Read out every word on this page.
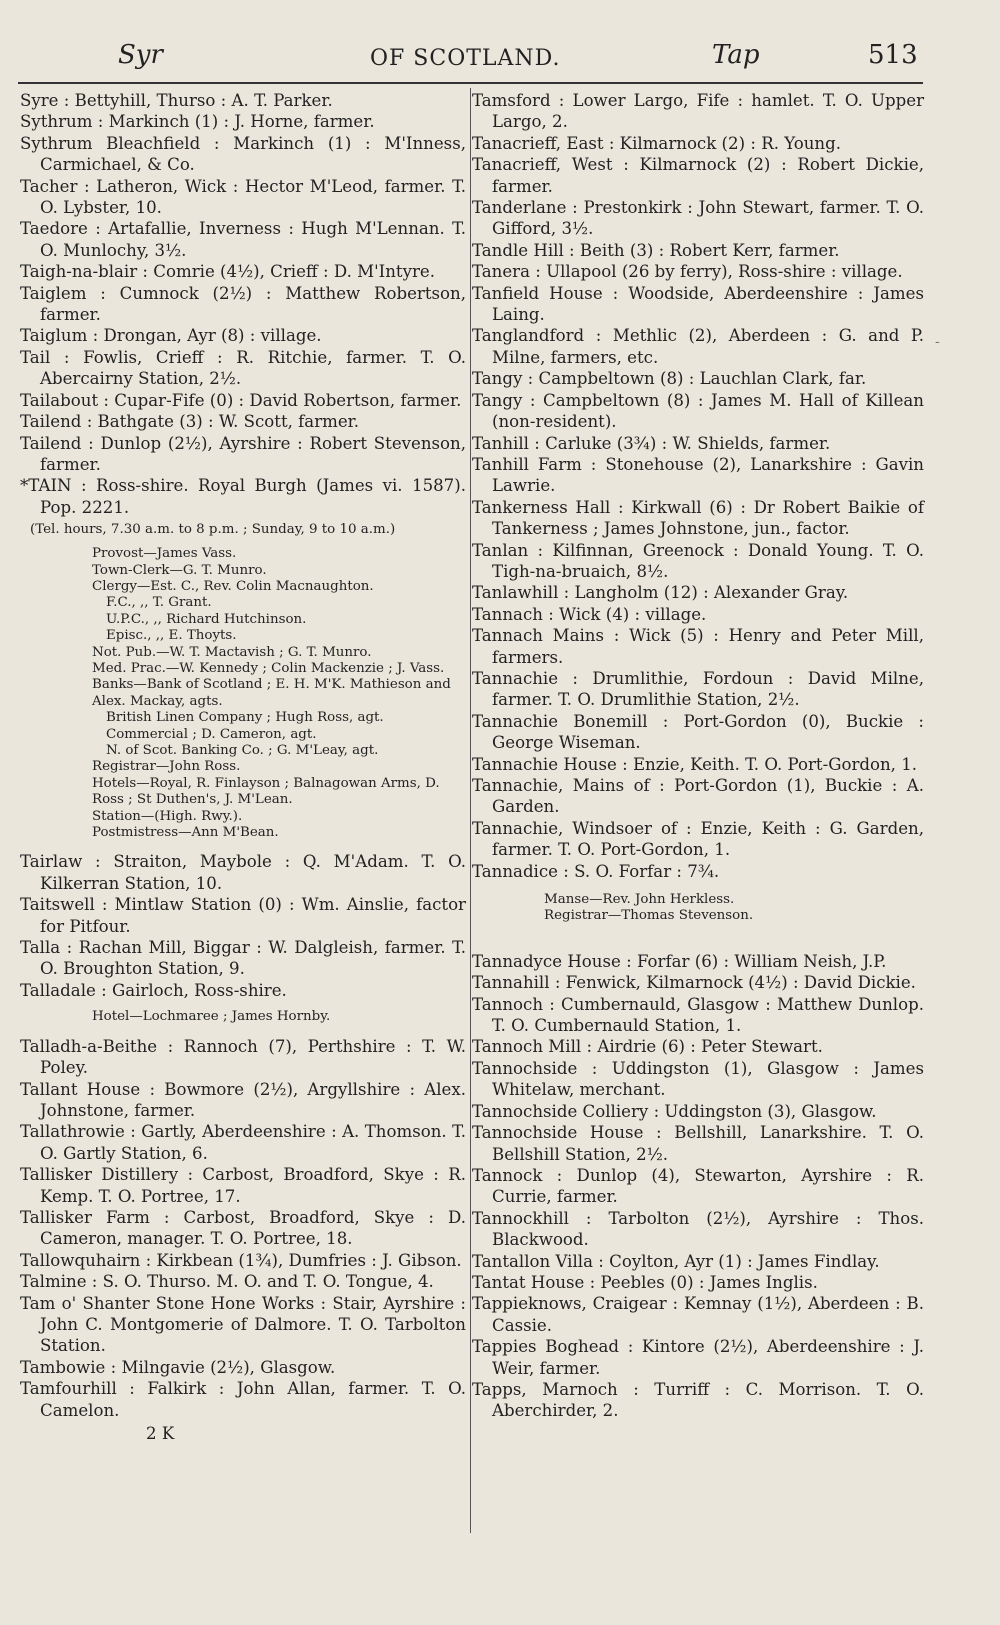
Syr	OF SCOTLAND.	Tap	513
-
Syre : Bettyhill, Thurso : A. T. Parker.
Sythrum : Markinch (1) : J. Horne, farmer.
Sythrum Bleachfield : Markinch (1) : M'Inness, Carmichael, & Co.
Tacher : Latheron, Wick : Hector M'Leod, farmer. T. O. Lybster, 10.
Taedore : Artafallie, Inverness : Hugh M'Lennan. T. O. Munlochy, 3½.
Taigh-na-blair : Comrie (4½), Crieff : D. M'Intyre.
Taiglem : Cumnock (2½) : Matthew Robertson, farmer.
Taiglum : Drongan, Ayr (8) : village.
Tail : Fowlis, Crieff : R. Ritchie, farmer. T. O. Abercairny Station, 2½.
Tailabout : Cupar-Fife (0) : David Robertson, farmer.
Tailend : Bathgate (3) : W. Scott, farmer.
Tailend : Dunlop (2½), Ayrshire : Robert Stevenson, farmer.
*TAIN : Ross-shire. Royal Burgh (James vi. 1587). Pop. 2221.
(Tel. hours, 7.30 a.m. to 8 p.m. ; Sunday, 9 to 10 a.m.)

Provost—James Vass.

Town-Clerk—G. T. Munro.

Clergy—Est. C., Rev. Colin Macnaughton.

F.C., ,, T. Grant.

U.P.C., ,, Richard Hutchinson.

Episc., ,, E. Thoyts.

Not. Pub.—W. T. Mactavish ; G. T. Munro.

Med. Prac.—W. Kennedy ; Colin Mackenzie ; J. Vass.

Banks—Bank of Scotland ; E. H. M'K. Mathieson and Alex. Mackay, agts.

British Linen Company ; Hugh Ross, agt.

Commercial ; D. Cameron, agt.

N. of Scot. Banking Co. ; G. M'Leay, agt.

Registrar—John Ross.

Hotels—Royal, R. Finlayson ; Balnagowan Arms, D. Ross ; St Duthen's, J. M'Lean.

Station—(High. Rwy.).

Postmistress—Ann M'Bean.

Tairlaw : Straiton, Maybole : Q. M'Adam. T. O. Kilkerran Station, 10.
Taitswell : Mintlaw Station (0) : Wm. Ainslie, factor for Pitfour.
Talla : Rachan Mill, Biggar : W. Dalgleish, farmer. T. O. Broughton Station, 9.
Talladale : Gairloch, Ross-shire.

Hotel—Lochmaree ; James Hornby.

Talladh-a-Beithe : Rannoch (7), Perthshire : T. W. Poley.
Tallant House : Bowmore (2½), Argyllshire : Alex. Johnstone, farmer.
Tallathrowie : Gartly, Aberdeenshire : A. Thomson. T. O. Gartly Station, 6.
Tallisker Distillery : Carbost, Broadford, Skye : R. Kemp. T. O. Portree, 17.
Tallisker Farm : Carbost, Broadford, Skye : D. Cameron, manager. T. O. Portree, 18.
Tallowquhairn : Kirkbean (1¾), Dumfries : J. Gibson.
Talmine : S. O. Thurso. M. O. and T. O. Tongue, 4.
Tam o' Shanter Stone Hone Works : Stair, Ayrshire : John C. Montgomerie of Dalmore. T. O. Tarbolton Station.
Tambowie : Milngavie (2½), Glasgow.
Tamfourhill : Falkirk : John Allan, farmer. T. O. Camelon.
2 K
Tamsford : Lower Largo, Fife : hamlet. T. O. Upper Largo, 2.
Tanacrieff, East : Kilmarnock (2) : R. Young.
Tanacrieff, West : Kilmarnock (2) : Robert Dickie, farmer.
Tanderlane : Prestonkirk : John Stewart, farmer. T. O. Gifford, 3½.
Tandle Hill : Beith (3) : Robert Kerr, farmer.
Tanera : Ullapool (26 by ferry), Ross-shire : village.
Tanfield House : Woodside, Aberdeenshire : James Laing.
Tanglandford : Methlic (2), Aberdeen : G. and P. Milne, farmers, etc.
Tangy : Campbeltown (8) : Lauchlan Clark, far.
Tangy : Campbeltown (8) : James M. Hall of Killean (non-resident).
Tanhill : Carluke (3¾) : W. Shields, farmer.
Tanhill Farm : Stonehouse (2), Lanarkshire : Gavin Lawrie.
Tankerness Hall : Kirkwall (6) : Dr Robert Baikie of Tankerness ; James Johnstone, jun., factor.
Tanlan : Kilfinnan, Greenock : Donald Young. T. O. Tigh-na-bruaich, 8½.
Tanlawhill : Langholm (12) : Alexander Gray.
Tannach : Wick (4) : village.
Tannach Mains : Wick (5) : Henry and Peter Mill, farmers.
Tannachie : Drumlithie, Fordoun : David Milne, farmer. T. O. Drumlithie Station, 2½.
Tannachie Bonemill : Port-Gordon (0), Buckie : George Wiseman.
Tannachie House : Enzie, Keith. T. O. Port-Gordon, 1.
Tannachie, Mains of : Port-Gordon (1), Buckie : A. Garden.
Tannachie, Windsoer of : Enzie, Keith : G. Garden, farmer. T. O. Port-Gordon, 1.
Tannadice : S. O. Forfar : 7¾.

Manse—Rev. John Herkless.

Registrar—Thomas Stevenson.

Tannadyce House : Forfar (6) : William Neish, J.P.
Tannahill : Fenwick, Kilmarnock (4½) : David Dickie.
Tannoch : Cumbernauld, Glasgow : Matthew Dunlop. T. O. Cumbernauld Station, 1.
Tannoch Mill : Airdrie (6) : Peter Stewart.
Tannochside : Uddingston (1), Glasgow : James Whitelaw, merchant.
Tannochside Colliery : Uddingston (3), Glasgow.
Tannochside House : Bellshill, Lanarkshire. T. O. Bellshill Station, 2½.
Tannock : Dunlop (4), Stewarton, Ayrshire : R. Currie, farmer.
Tannockhill : Tarbolton (2½), Ayrshire : Thos. Blackwood.
Tantallon Villa : Coylton, Ayr (1) : James Findlay.
Tantat House : Peebles (0) : James Inglis.
Tappieknows, Craigear : Kemnay (1½), Aberdeen : B. Cassie.
Tappies Boghead : Kintore (2½), Aberdeenshire : J. Weir, farmer.
Tapps, Marnoch : Turriff : C. Morrison. T. O. Aberchirder, 2.
